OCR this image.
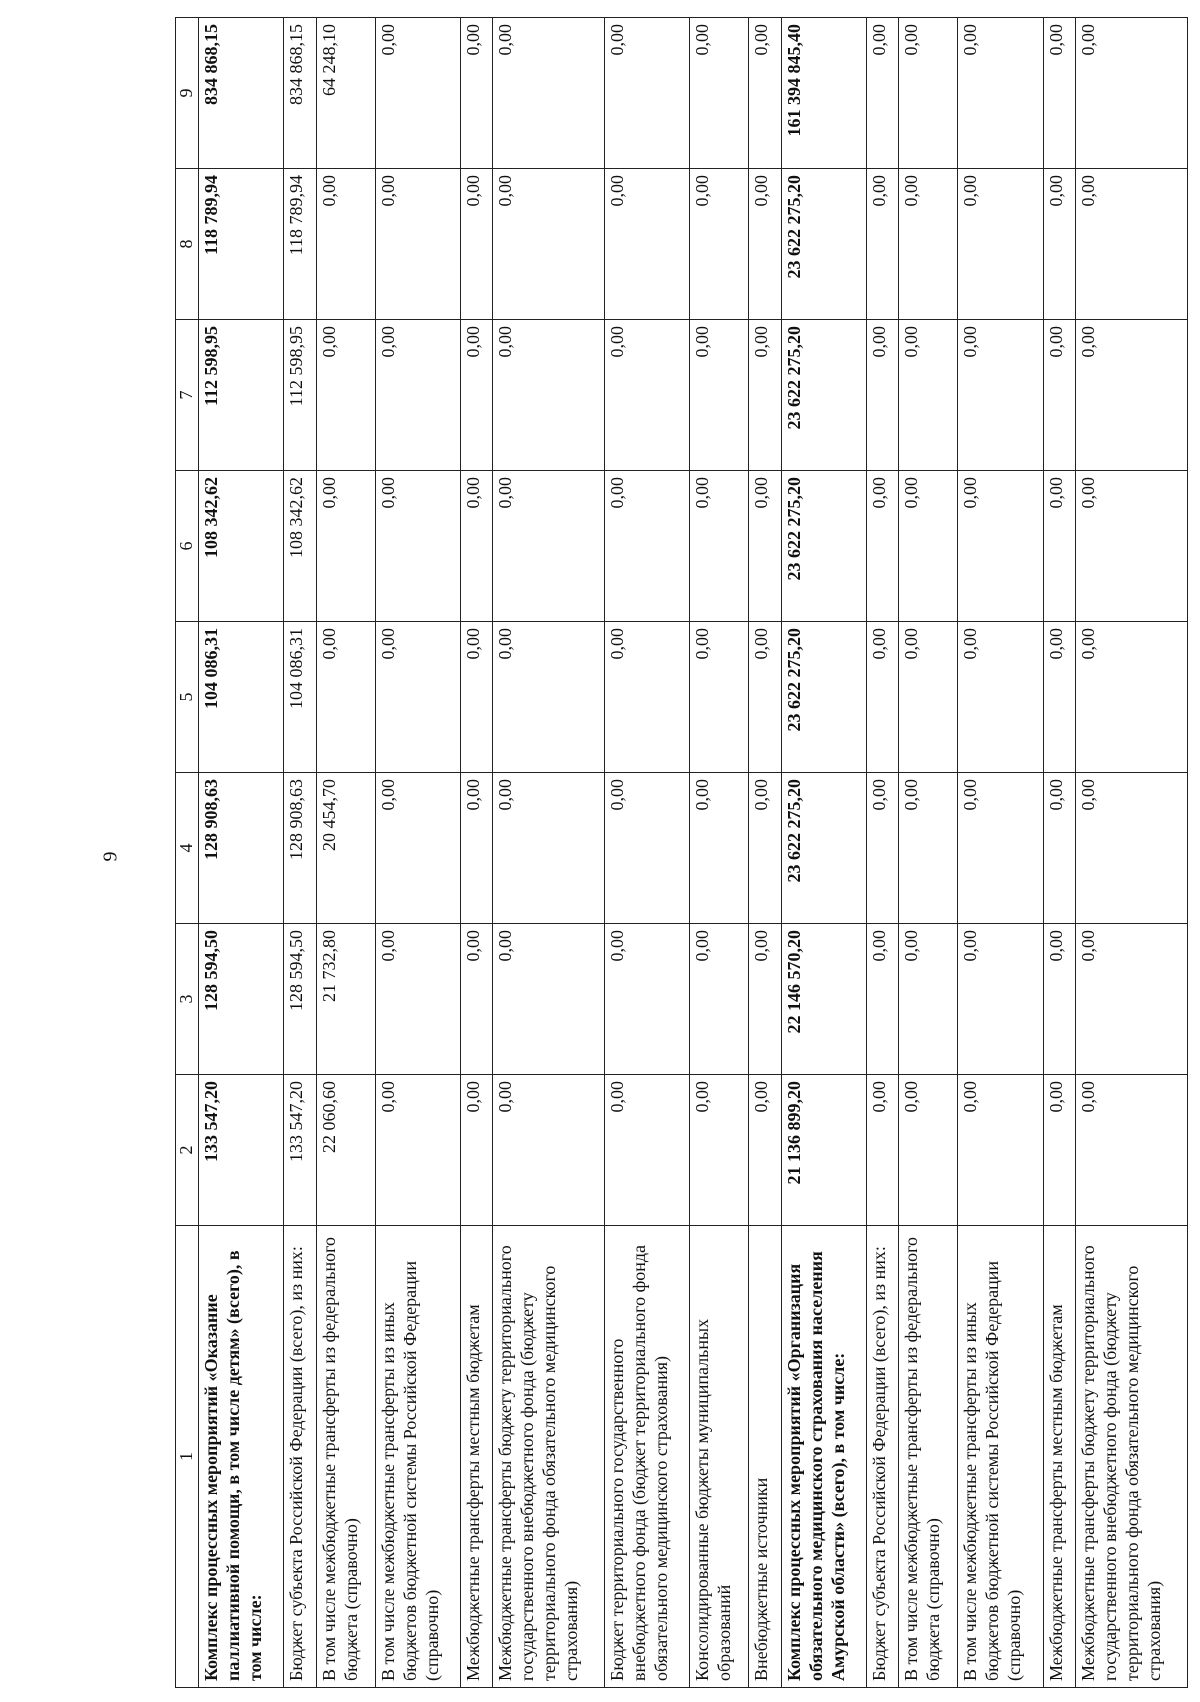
9
1	2	3	4	5	6	7	8	9
Комплекс процессных мероприятий «Оказание паллиативной помощи, в том числе детям» (всего), в том числе:	133 547,20	128 594,50	128 908,63	104 086,31	108 342,62	112 598,95	118 789,94	834 868,15
Бюджет субъекта Российской Федерации (всего), из них:	133 547,20	128 594,50	128 908,63	104 086,31	108 342,62	112 598,95	118 789,94	834 868,15
В том числе межбюджетные трансферты из федерального бюджета (справочно)	22 060,60	21 732,80	20 454,70	0,00	0,00	0,00	0,00	64 248,10
В том числе межбюджетные трансферты из иных бюджетов бюджетной системы Российской Федерации (справочно)	0,00	0,00	0,00	0,00	0,00	0,00	0,00	0,00
Межбюджетные трансферты местным бюджетам	0,00	0,00	0,00	0,00	0,00	0,00	0,00	0,00
Межбюджетные трансферты бюджету территориального государственного внебюджетного фонда (бюджету территориального фонда обязательного медицинского страхования)	0,00	0,00	0,00	0,00	0,00	0,00	0,00	0,00
Бюджет территориального государственного внебюджетного фонда (бюджет территориального фонда обязательного медицинского страхования)	0,00	0,00	0,00	0,00	0,00	0,00	0,00	0,00
Консолидированные бюджеты муниципальных образований	0,00	0,00	0,00	0,00	0,00	0,00	0,00	0,00
Внебюджетные источники	0,00	0,00	0,00	0,00	0,00	0,00	0,00	0,00
Комплекс процессных мероприятий «Организация обязательного медицинского страхования населения Амурской области» (всего), в том числе:	21 136 899,20	22 146 570,20	23 622 275,20	23 622 275,20	23 622 275,20	23 622 275,20	23 622 275,20	161 394 845,40
Бюджет субъекта Российской Федерации (всего), из них:	0,00	0,00	0,00	0,00	0,00	0,00	0,00	0,00
В том числе межбюджетные трансферты из федерального бюджета (справочно)	0,00	0,00	0,00	0,00	0,00	0,00	0,00	0,00
В том числе межбюджетные трансферты из иных бюджетов бюджетной системы Российской Федерации (справочно)	0,00	0,00	0,00	0,00	0,00	0,00	0,00	0,00
Межбюджетные трансферты местным бюджетам	0,00	0,00	0,00	0,00	0,00	0,00	0,00	0,00
Межбюджетные трансферты бюджету территориального государственного внебюджетного фонда (бюджету территориального фонда обязательного медицинского страхования)	0,00	0,00	0,00	0,00	0,00	0,00	0,00	0,00
